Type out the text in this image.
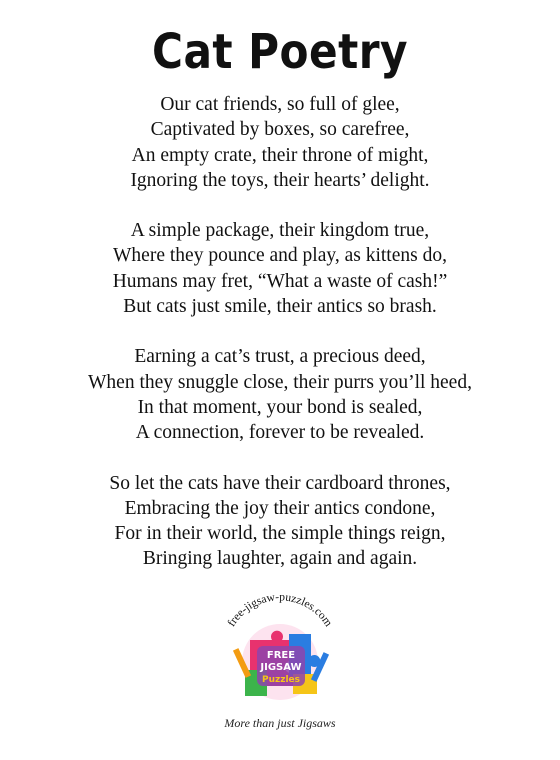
Cat Poetry
Our cat friends, so full of glee,
Captivated by boxes, so carefree,
An empty crate, their throne of might,
Ignoring the toys, their hearts’ delight.
A simple package, their kingdom true,
Where they pounce and play, as kittens do,
Humans may fret, “What a waste of cash!”
But cats just smile, their antics so brash.
Earning a cat’s trust, a precious deed,
When they snuggle close, their purrs you’ll heed,
In that moment, your bond is sealed,
A connection, forever to be revealed.
So let the cats have their cardboard thrones,
Embracing the joy their antics condone,
For in their world, the simple things reign,
Bringing laughter, again and again.
free-jigsaw-puzzles.com
FREE
JIGSAW
Puzzles
More than just Jigsaws
